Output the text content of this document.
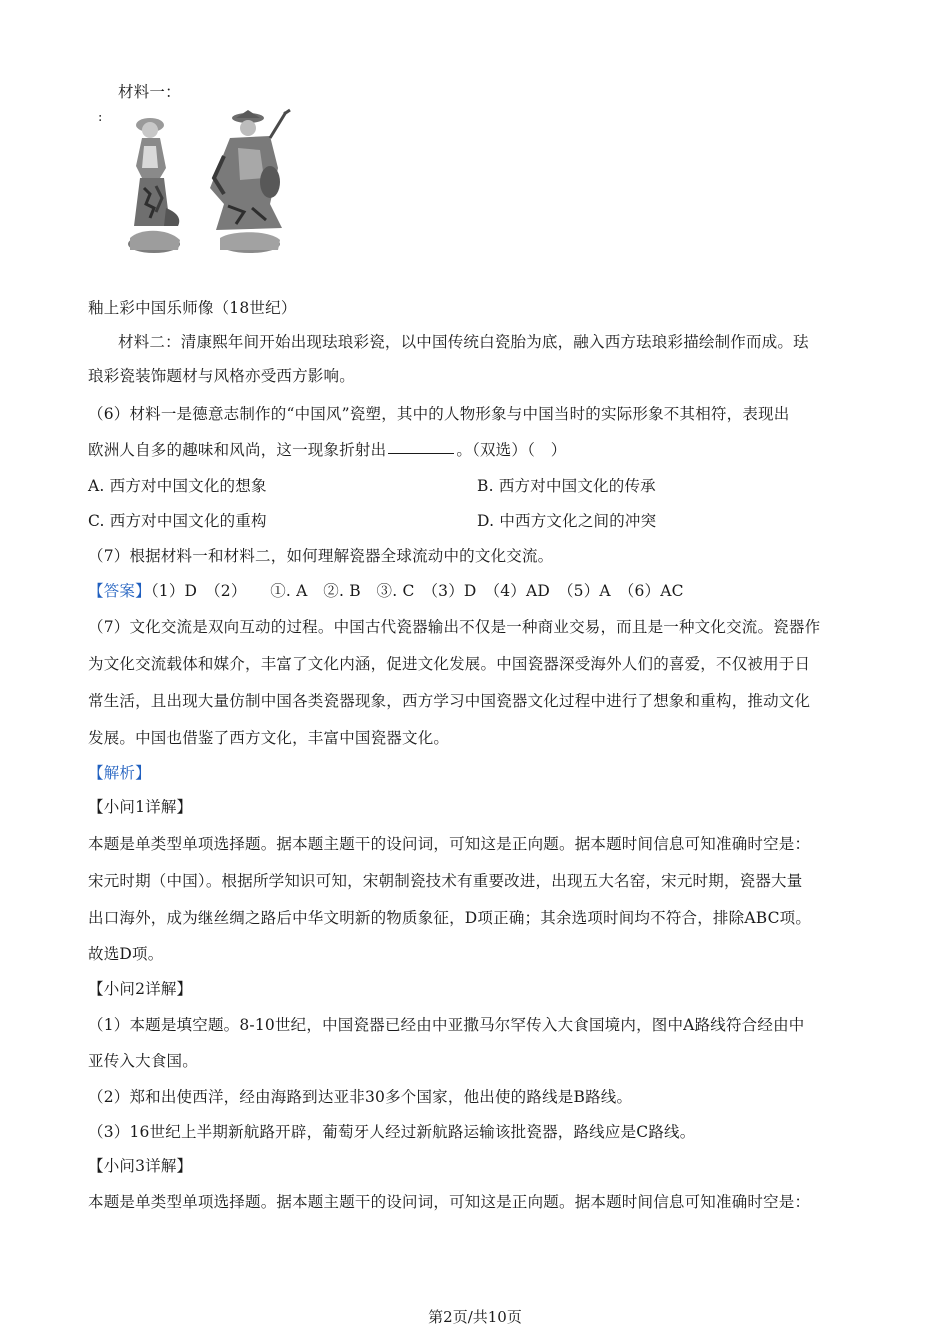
材料一：
:
釉上彩中国乐师像（18世纪）
材料二：清康熙年间开始出现珐琅彩瓷，以中国传统白瓷胎为底，融入西方珐琅彩描绘制作而成。珐
琅彩瓷装饰题材与风格亦受西方影响。
（6）材料一是德意志制作的“中国风”瓷塑，其中的人物形象与中国当时的实际形象不其相符，表现出
欧洲人自多的趣味和风尚，这一现象折射出	。（双选）（　）
A. 西方对中国文化的想象	B. 西方对中国文化的传承
C. 西方对中国文化的重构	D. 中西方文化之间的冲突
（7）根据材料一和材料二，如何理解瓷器全球流动中的文化交流。
【答案】（1）D　（2）　　①. A　②. B　③. C　（3）D　（4）AD　（5）A　（6）AC
（7）文化交流是双向互动的过程。中国古代瓷器输出不仅是一种商业交易，而且是一种文化交流。瓷器作
为文化交流载体和媒介，丰富了文化内涵，促进文化发展。中国瓷器深受海外人们的喜爱，不仅被用于日
常生活，且出现大量仿制中国各类瓷器现象，西方学习中国瓷器文化过程中进行了想象和重构，推动文化
发展。中国也借鉴了西方文化，丰富中国瓷器文化。
【解析】
【小问1详解】
本题是单类型单项选择题。据本题主题干的设问词，可知这是正向题。据本题时间信息可知准确时空是：
宋元时期（中国）。根据所学知识可知，宋朝制瓷技术有重要改进，出现五大名窑，宋元时期，瓷器大量
出口海外，成为继丝绸之路后中华文明新的物质象征，D项正确；其余选项时间均不符合，排除ABC项。
故选D项。
【小问2详解】
（1）本题是填空题。8-10世纪，中国瓷器已经由中亚撒马尔罕传入大食国境内，图中A路线符合经由中
亚传入大食国。
（2）郑和出使西洋，经由海路到达亚非30多个国家，他出使的路线是B路线。
（3）16世纪上半期新航路开辟，葡萄牙人经过新航路运输该批瓷器，路线应是C路线。
【小问3详解】
本题是单类型单项选择题。据本题主题干的设问词，可知这是正向题。据本题时间信息可知准确时空是：
第2页/共10页
